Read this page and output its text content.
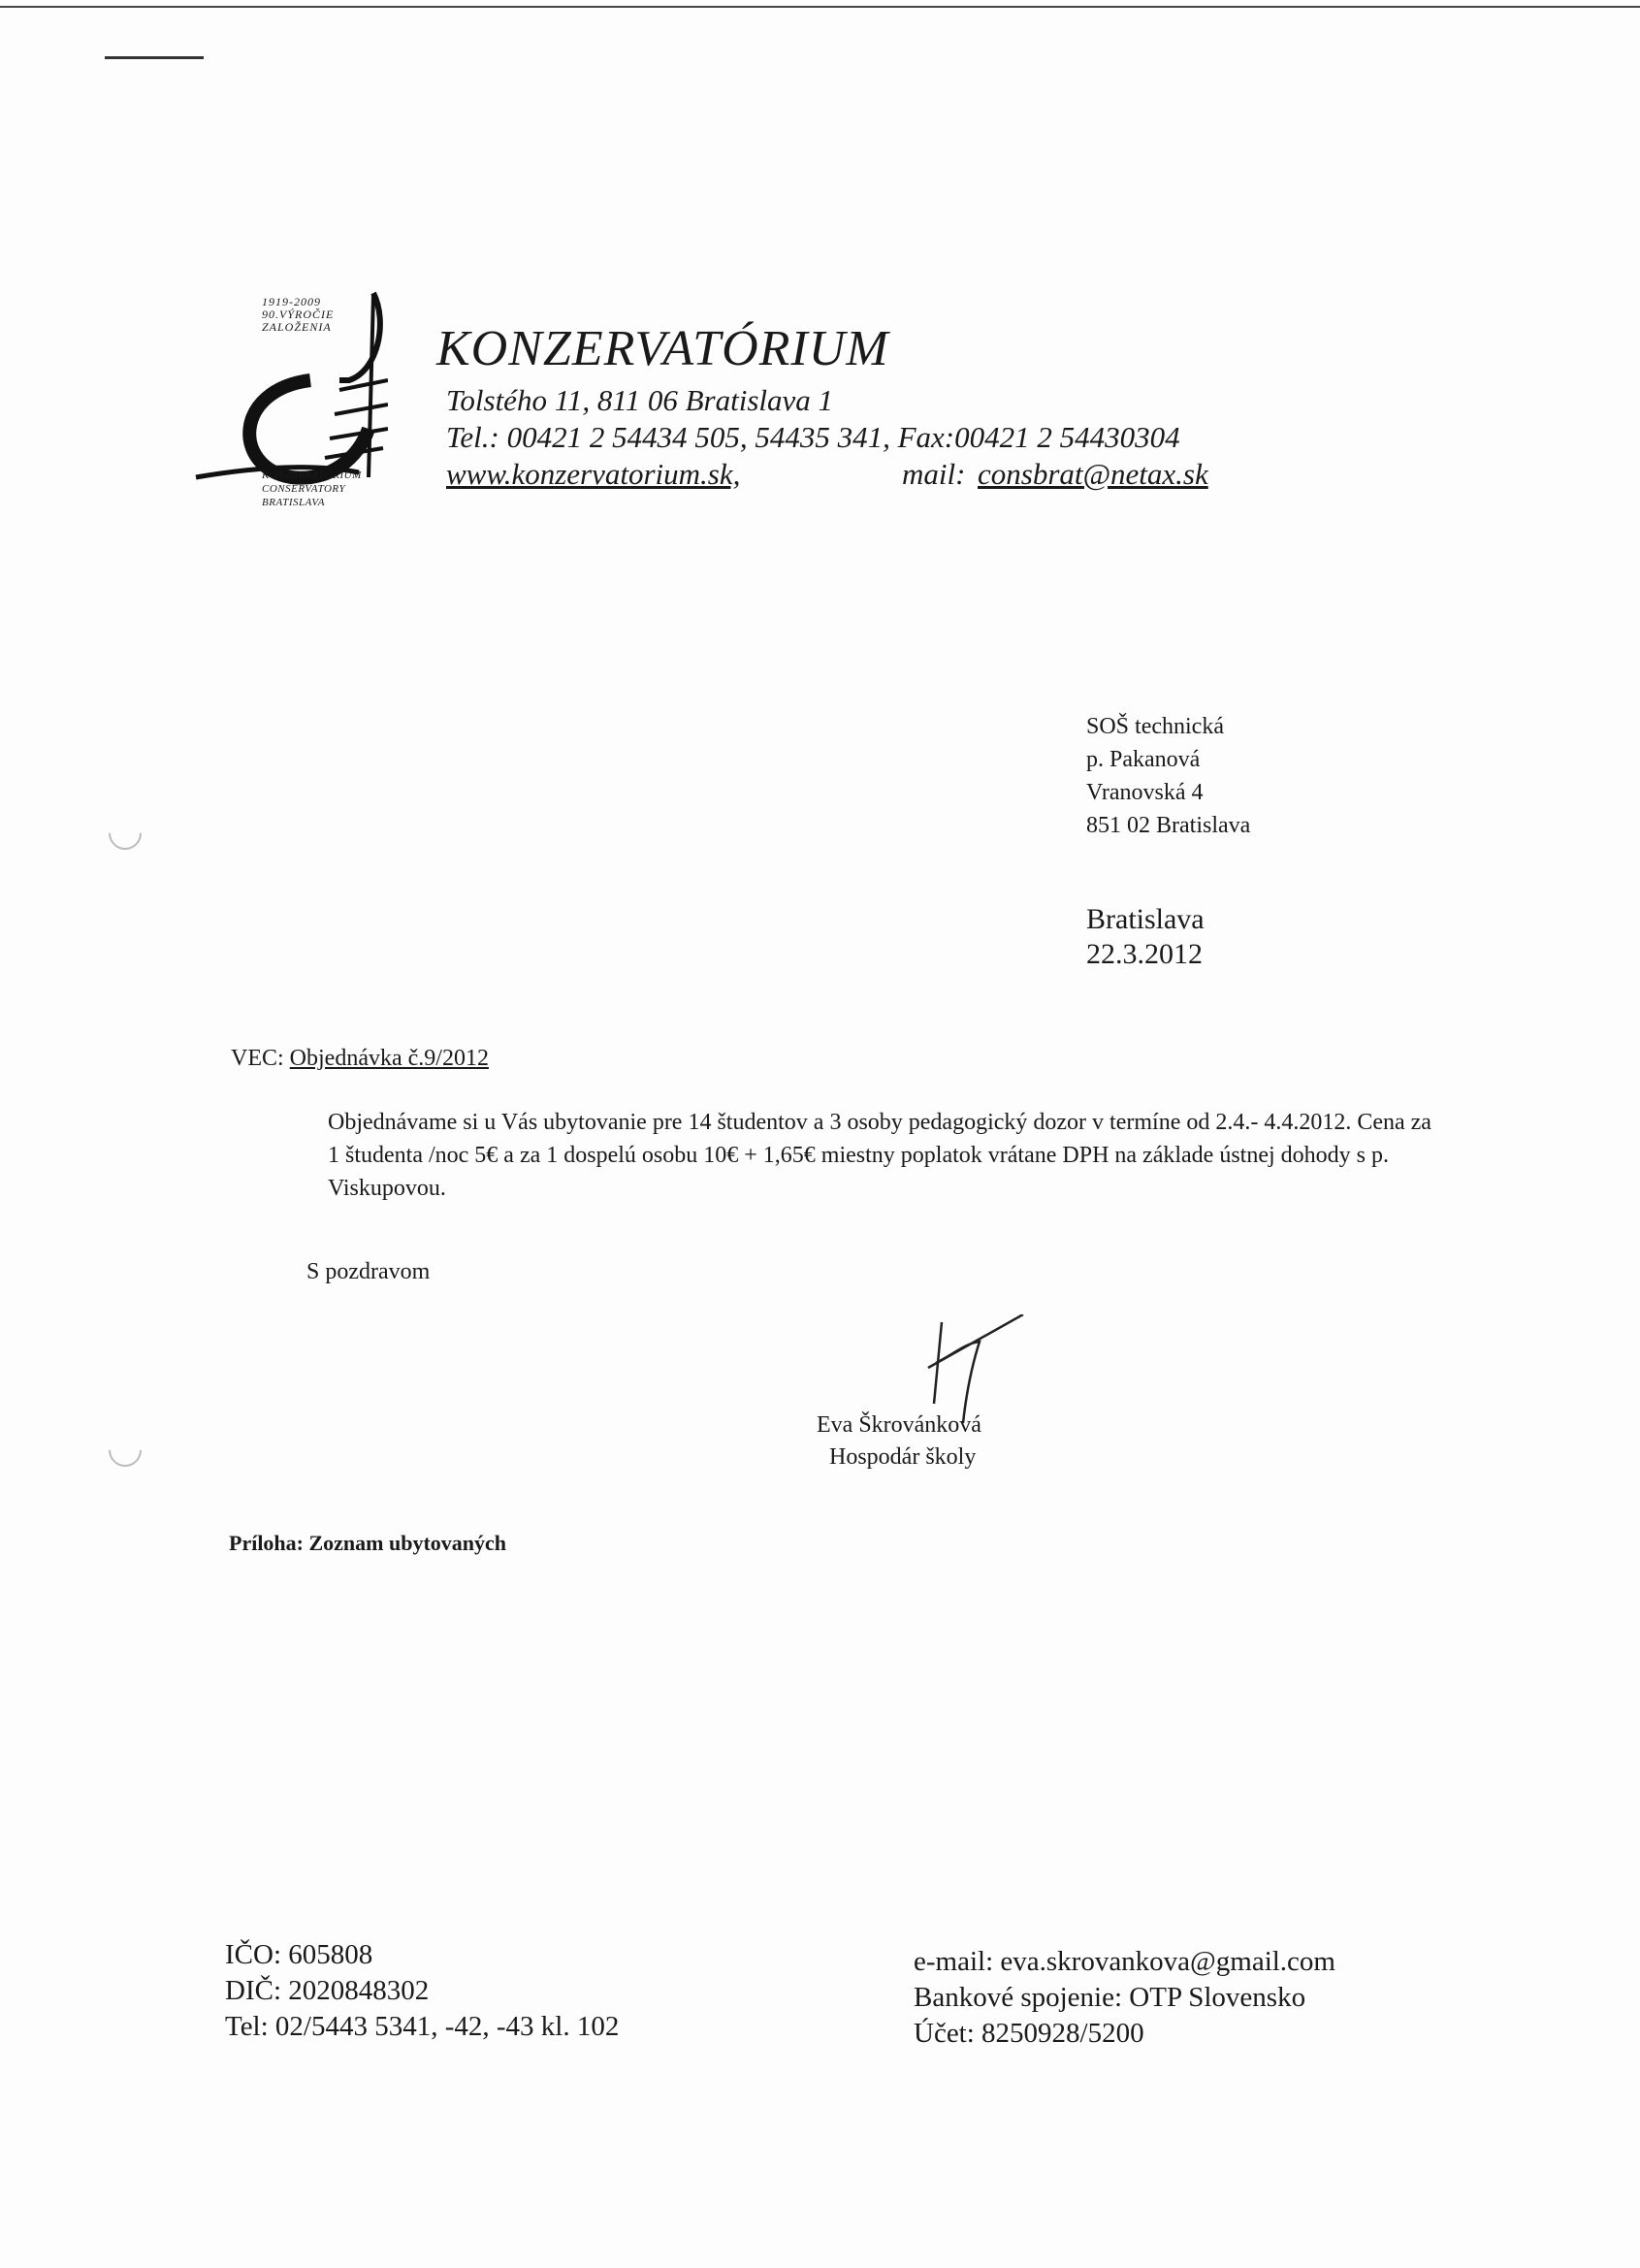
1919-2009
90.VÝROČIE
ZALOŽENIA
KONZERVATÓRIUM
CONSERVATORY
BRATISLAVA
KONZERVATÓRIUM
Tolstého 11, 811 06 Bratislava 1
Tel.: 00421 2 54434 505, 54435 341, Fax:00421 2 54430304
www.konzervatorium.sk,	mail: consbrat@netax.sk
SOŠ technická
p. Pakanová
Vranovská 4
851 02 Bratislava
Bratislava
22.3.2012
VEC: Objednávka č.9/2012
Objednávame si u Vás ubytovanie pre 14 študentov a 3 osoby pedagogický dozor v termíne od 2.4.- 4.4.2012. Cena za 1 študenta /noc 5€ a za 1 dospelú osobu 10€ + 1,65€ miestny poplatok vrátane DPH na základe ústnej dohody s p. Viskupovou.
S pozdravom
Eva Škrovánková
Hospodár školy
Príloha: Zoznam ubytovaných
IČO: 605808
DIČ: 2020848302
Tel: 02/5443 5341, -42, -43 kl. 102
e-mail: eva.skrovankova@gmail.com
Bankové spojenie: OTP Slovensko
Účet: 8250928/5200
